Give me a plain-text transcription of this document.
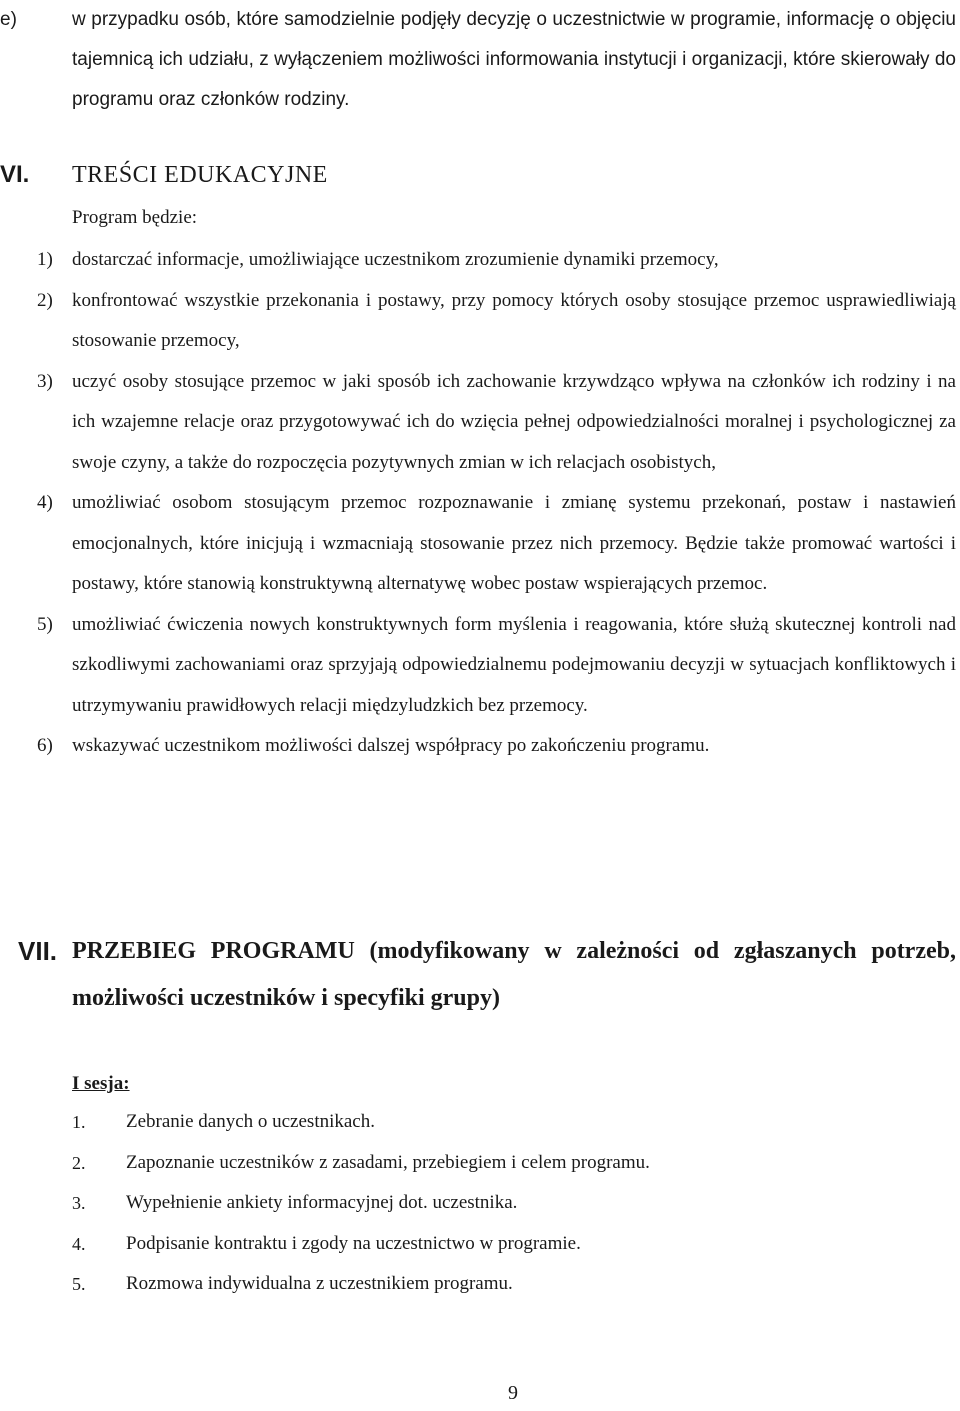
e)	w przypadku osób, które samodzielnie podjęły decyzję o uczestnictwie w programie, informację o objęciu tajemnicą ich udziału, z wyłączeniem możliwości informowania instytucji i organizacji, które skierowały do programu oraz członków rodziny.
VI. TREŚCI EDUKACYJNE
Program będzie:
1) dostarczać informacje, umożliwiające uczestnikom zrozumienie dynamiki przemocy,
2) konfrontować wszystkie przekonania i postawy, przy pomocy których osoby stosujące przemoc usprawiedliwiają stosowanie przemocy,
3) uczyć osoby stosujące przemoc w jaki sposób ich zachowanie krzywdząco wpływa na członków ich rodziny i na ich wzajemne relacje oraz przygotowywać ich do wzięcia pełnej odpowiedzialności moralnej i psychologicznej za swoje czyny, a także do rozpoczęcia pozytywnych zmian w ich relacjach osobistych,
4) umożliwiać osobom stosującym przemoc rozpoznawanie i zmianę systemu przekonań, postaw i nastawień emocjonalnych, które inicjują i wzmacniają stosowanie przez nich przemocy. Będzie także promować wartości i postawy, które stanowią konstruktywną alternatywę wobec postaw wspierających przemoc.
5) umożliwiać ćwiczenia nowych konstruktywnych form myślenia i reagowania, które służą skutecznej kontroli nad szkodliwymi zachowaniami oraz sprzyjają odpowiedzialnemu podejmowaniu decyzji w sytuacjach konfliktowych i utrzymywaniu prawidłowych relacji międzyludzkich bez przemocy.
6) wskazywać uczestnikom możliwości dalszej współpracy po zakończeniu programu.
VII. PRZEBIEG PROGRAMU (modyfikowany w zależności od zgłaszanych potrzeb, możliwości uczestników i specyfiki grupy)
I sesja:
1. Zebranie danych o uczestnikach.
2. Zapoznanie uczestników z zasadami, przebiegiem i celem programu.
3. Wypełnienie ankiety informacyjnej dot. uczestnika.
4. Podpisanie kontraktu i zgody na uczestnictwo w programie.
5. Rozmowa indywidualna z uczestnikiem programu.
9
